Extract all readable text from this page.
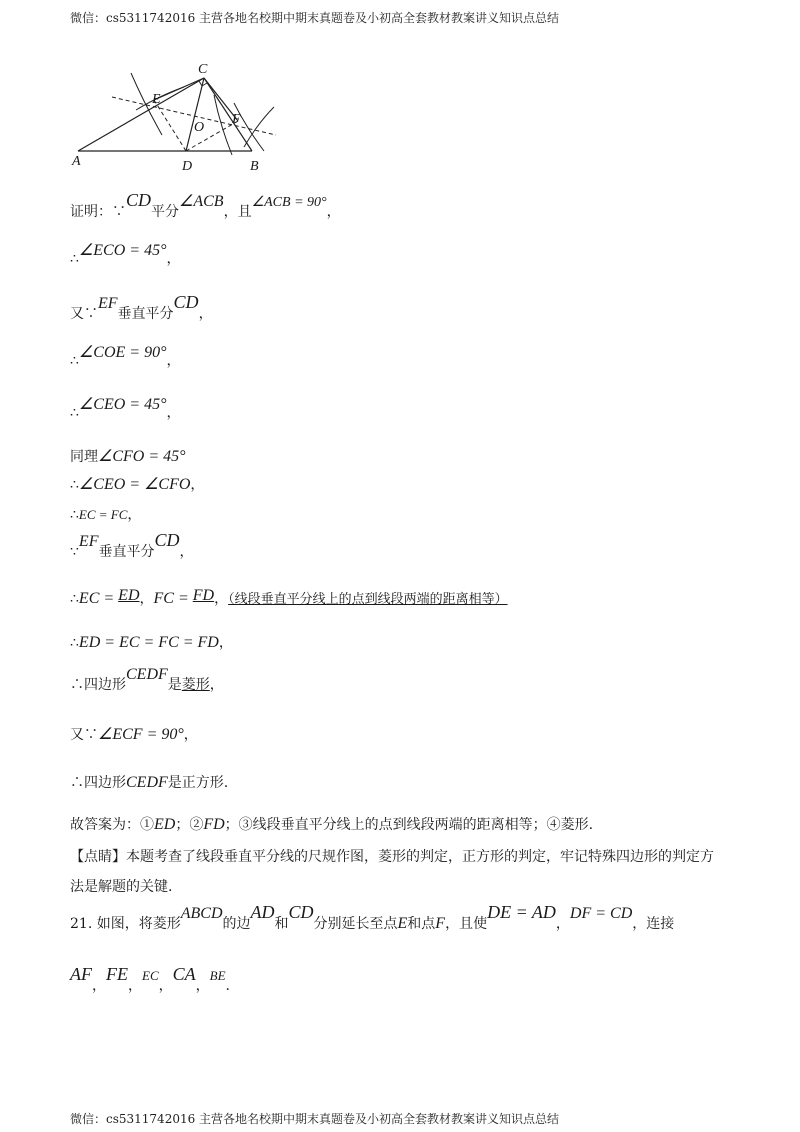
微信：cs5311742016 主营各地名校期中期末真题卷及小初高全套教材教案讲义知识点总结
C
E
O
F
A	D	B
证明：∵CD平分∠ACB，且∠ACB = 90°，
∴∠ECO = 45°，
又∵EF垂直平分CD，
∴∠COE = 90°，
∴∠CEO = 45°，
同理∠CFO = 45°
∴∠CEO = ∠CFO，
∴EC = FC，
∵EF垂直平分CD，
∴EC = ED，FC = FD，（线段垂直平分线上的点到线段两端的距离相等）
∴ED = EC = FC = FD，
∴四边形CEDF是菱形，
又∵∠ECF = 90°，
∴四边形CEDF是正方形.
故答案为：①ED；②FD；③线段垂直平分线上的点到线段两端的距离相等；④菱形.
【点睛】本题考查了线段垂直平分线的尺规作图，菱形的判定，正方形的判定，牢记特殊四边形的判定方
法是解题的关键.
21. 如图，将菱形ABCD的边AD和CD分别延长至点E和点F，且使DE = AD，DF = CD，连接
AF，FE，EC，CA，BE.
微信：cs5311742016 主营各地名校期中期末真题卷及小初高全套教材教案讲义知识点总结
